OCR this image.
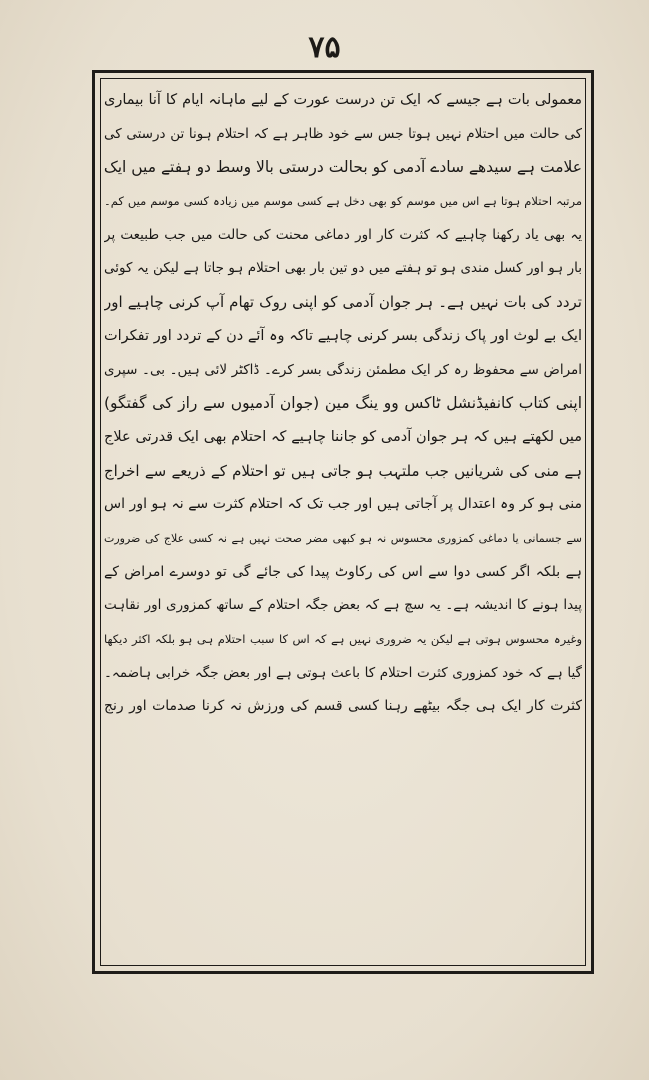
۷۵
معمولی بات ہے جیسے کہ ایک تن درست عورت کے لیے ماہانہ ایام کا آنا بیماری
کی حالت میں احتلام نہیں ہوتا جس سے خود ظاہر ہے کہ احتلام ہونا تن درستی کی
علامت ہے سیدھے سادے آدمی کو بحالت درستی بالا وسط دو ہفتے میں ایک
مرتبہ احتلام ہوتا ہے اس میں موسم کو بھی دخل ہے کسی موسم میں زیادہ کسی موسم میں کم۔
یہ بھی یاد رکھنا چاہیے کہ کثرت کار اور دماغی محنت کی حالت میں جب طبیعت پر
بار ہو اور کسل مندی ہو تو ہفتے میں دو تین بار بھی احتلام ہو جاتا ہے لیکن یہ کوئی
تردد کی بات نہیں ہے۔ ہر جوان آدمی کو اپنی روک تھام آپ کرنی چاہیے اور
ایک بے لوث اور پاک زندگی بسر کرنی چاہیے تاکہ وہ آئے دن کے تردد اور تفکرات
امراض سے محفوظ رہ کر ایک مطمئن زندگی بسر کرے۔ ڈاکٹر لائی ہیں۔ بی۔ سپری
اپنی کتاب کانفیڈنشل ٹاکس وو ینگ مین (جوان آدمیوں سے راز کی گفتگو)
میں لکھتے ہیں کہ ہر جوان آدمی کو جاننا چاہیے کہ احتلام بھی ایک قدرتی علاج
ہے منی کی شریانیں جب ملتہب ہو جاتی ہیں تو احتلام کے ذریعے سے اخراج
منی ہو کر وہ اعتدال پر آجاتی ہیں اور جب تک کہ احتلام کثرت سے نہ ہو اور اس
سے جسمانی یا دماغی کمزوری محسوس نہ ہو کبھی مضر صحت نہیں ہے نہ کسی علاج کی ضرورت
ہے بلکہ اگر کسی دوا سے اس کی رکاوٹ پیدا کی جائے گی تو دوسرے امراض کے
پیدا ہونے کا اندیشہ ہے۔ یہ سچ ہے کہ بعض جگہ احتلام کے ساتھ کمزوری اور نقاہت
وغیرہ محسوس ہوتی ہے لیکن یہ ضروری نہیں ہے کہ اس کا سبب احتلام ہی ہو بلکہ اکثر دیکھا
گیا ہے کہ خود کمزوری کثرت احتلام کا باعث ہوتی ہے اور بعض جگہ خرابی ہاضمہ۔
کثرت کار ایک ہی جگہ بیٹھے رہنا کسی قسم کی ورزش نہ کرنا صدمات اور رنج
